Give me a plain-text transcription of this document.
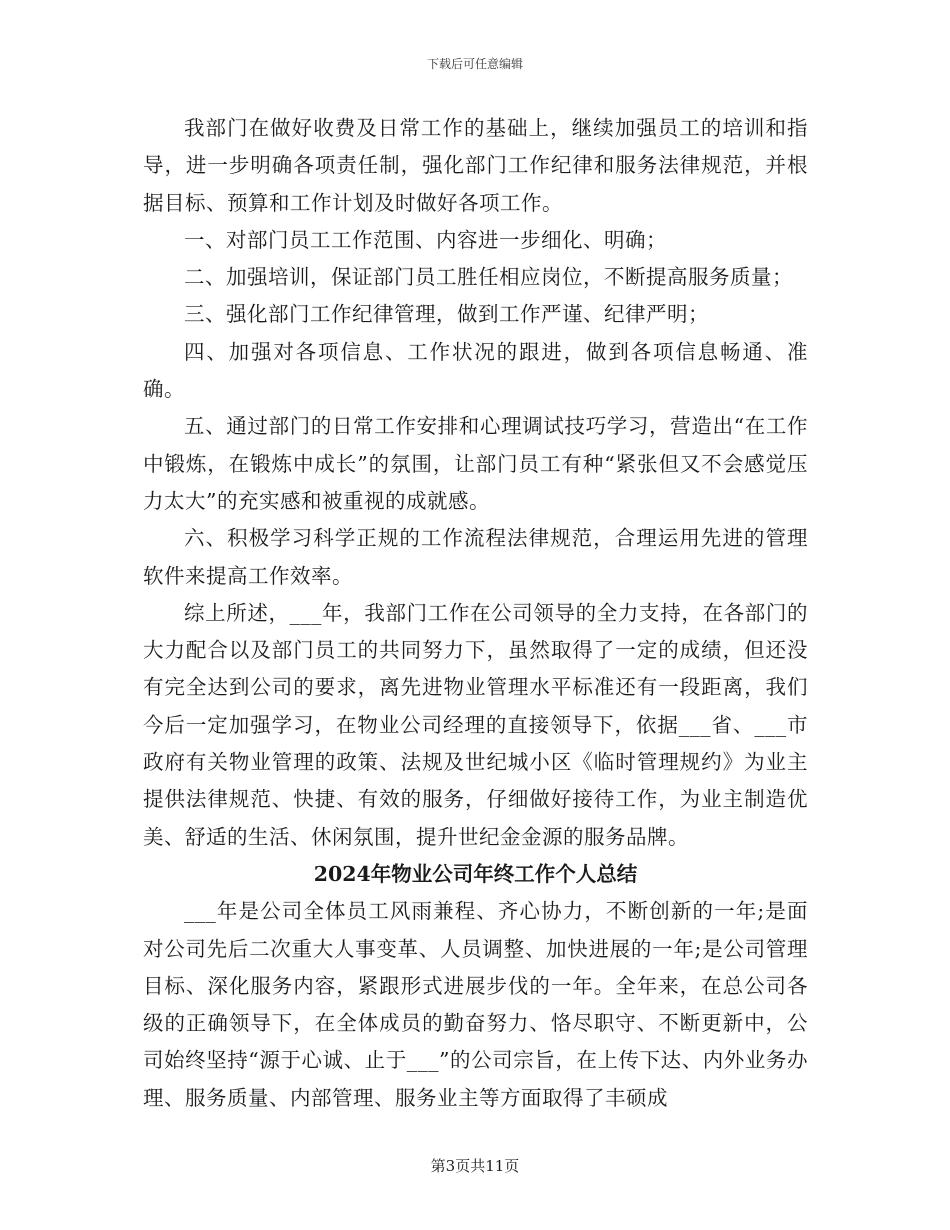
下载后可任意编辑

我部门在做好收费及日常工作的基础上，继续加强员工的培训和指导，进一步明确各项责任制，强化部门工作纪律和服务法律规范，并根据目标、预算和工作计划及时做好各项工作。

一、对部门员工工作范围、内容进一步细化、明确；

二、加强培训，保证部门员工胜任相应岗位，不断提高服务质量；

三、强化部门工作纪律管理，做到工作严谨、纪律严明；

四、加强对各项信息、工作状况的跟进，做到各项信息畅通、准确。

五、通过部门的日常工作安排和心理调试技巧学习，营造出“在工作中锻炼，在锻炼中成长”的氛围，让部门员工有种“紧张但又不会感觉压力太大”的充实感和被重视的成就感。

六、积极学习科学正规的工作流程法律规范，合理运用先进的管理软件来提高工作效率。

综上所述，___年，我部门工作在公司领导的全力支持，在各部门的大力配合以及部门员工的共同努力下，虽然取得了一定的成绩，但还没有完全达到公司的要求，离先进物业管理水平标准还有一段距离，我们今后一定加强学习，在物业公司经理的直接领导下，依据___省、___市政府有关物业管理的政策、法规及世纪城小区《临时管理规约》为业主提供法律规范、快捷、有效的服务，仔细做好接待工作，为业主制造优美、舒适的生活、休闲氛围，提升世纪金金源的服务品牌。

2024年物业公司年终工作个人总结

___年是公司全体员工风雨兼程、齐心协力，不断创新的一年;是面对公司先后二次重大人事变革、人员调整、加快进展的一年;是公司管理目标、深化服务内容，紧跟形式进展步伐的一年。全年来，在总公司各级的正确领导下，在全体成员的勤奋努力、恪尽职守、不断更新中，公司始终坚持“源于心诚、止于___”的公司宗旨，在上传下达、内外业务办理、服务质量、内部管理、服务业主等方面取得了丰硕成

第3页共11页
